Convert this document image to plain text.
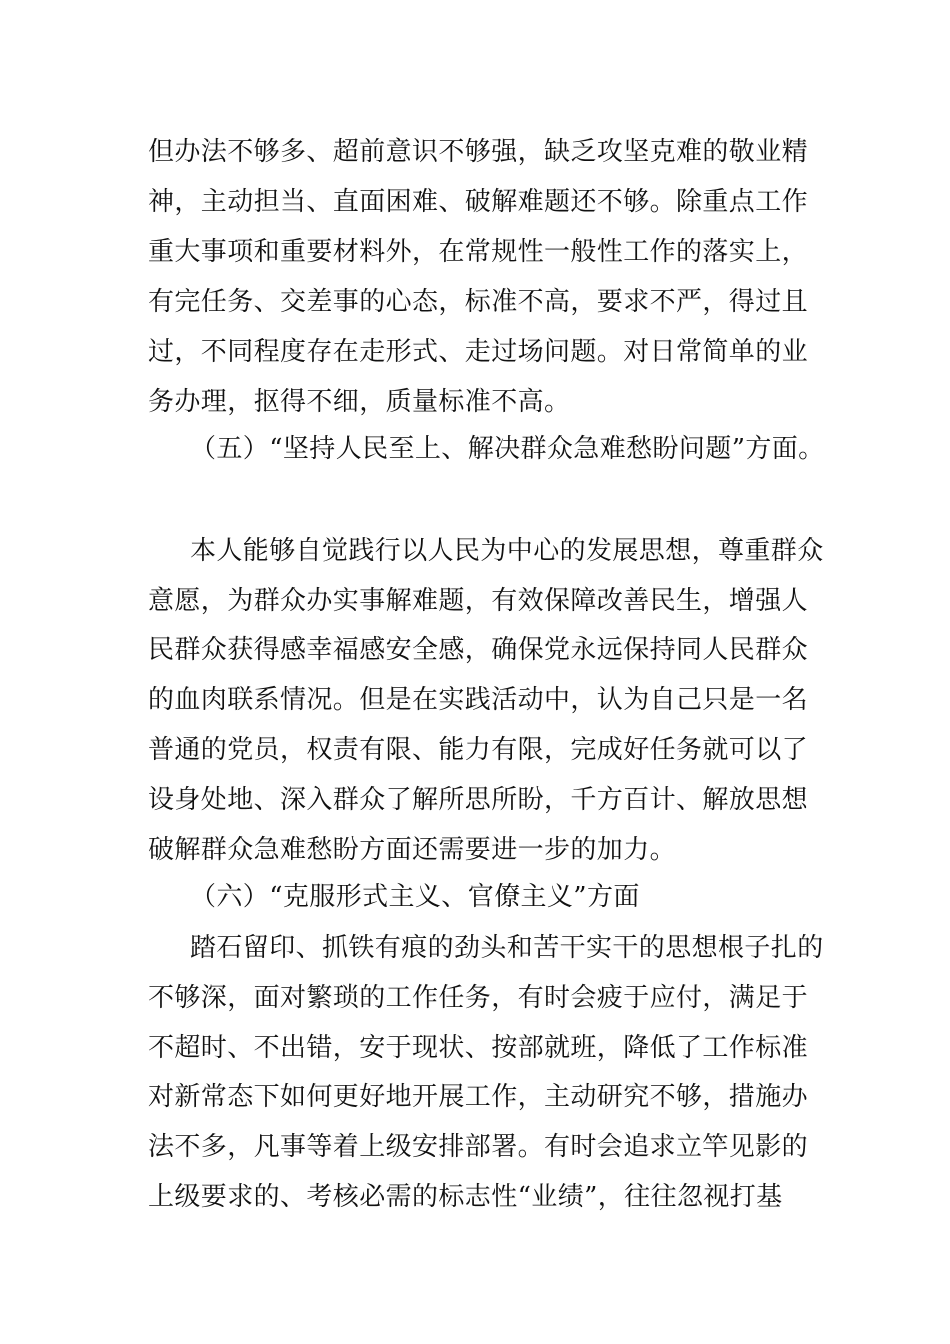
但办法不够多、超前意识不够强，缺乏攻坚克难的敬业精
神，主动担当、直面困难、破解难题还不够。除重点工作
重大事项和重要材料外，在常规性一般性工作的落实上，
有完任务、交差事的心态，标准不高，要求不严，得过且
过，不同程度存在走形式、走过场问题。对日常简单的业
务办理，抠得不细，质量标准不高。
（五）“坚持人民至上、解决群众急难愁盼问题”方面。
本人能够自觉践行以人民为中心的发展思想，尊重群众
意愿，为群众办实事解难题，有效保障改善民生，增强人
民群众获得感幸福感安全感，确保党永远保持同人民群众
的血肉联系情况。但是在实践活动中，认为自己只是一名
普通的党员，权责有限、能力有限，完成好任务就可以了
设身处地、深入群众了解所思所盼，千方百计、解放思想
破解群众急难愁盼方面还需要进一步的加力。
（六）“克服形式主义、官僚主义”方面
踏石留印、抓铁有痕的劲头和苦干实干的思想根子扎的
不够深，面对繁琐的工作任务，有时会疲于应付，满足于
不超时、不出错，安于现状、按部就班，降低了工作标准
对新常态下如何更好地开展工作，主动研究不够，措施办
法不多，凡事等着上级安排部署。有时会追求立竿见影的
上级要求的、考核必需的标志性“业绩”，往往忽视打基
